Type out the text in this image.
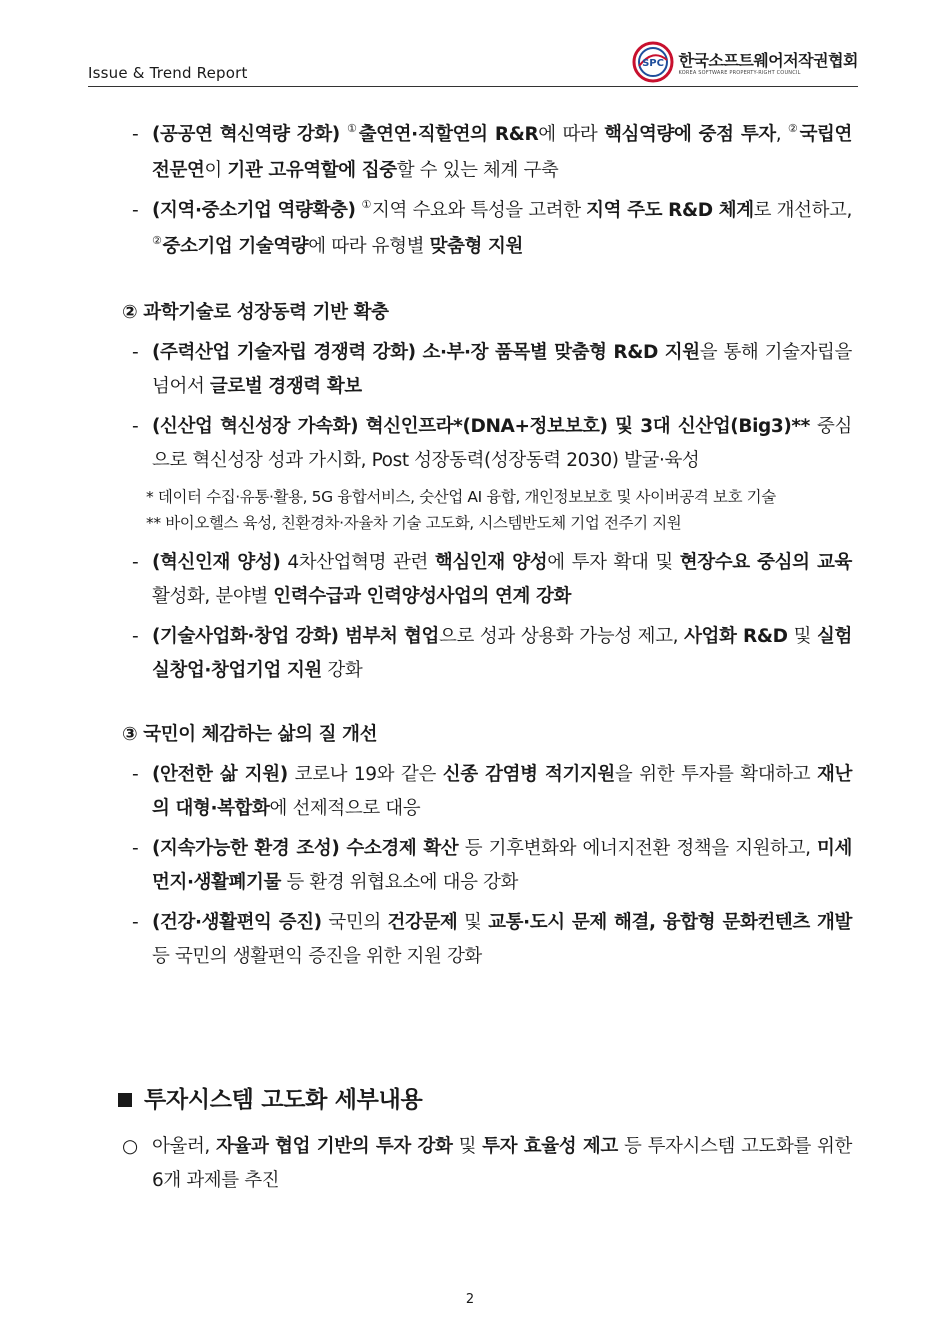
Issue & Trend Report
SPC 한국소프트웨어저작권협회
KOREA SOFTWARE PROPERTY-RIGHT COUNCIL
- (공공연 혁신역량 강화) ①출연연·직할연의 R&R에 따라 핵심역량에 중점 투자, ②국립연전문연이 기관 고유역할에 집중할 수 있는 체계 구축
- (지역·중소기업 역량확충) ①지역 수요와 특성을 고려한 지역 주도 R&D 체계로 개선하고, ②중소기업 기술역량에 따라 유형별 맞춤형 지원
② 과학기술로 성장동력 기반 확충
- (주력산업 기술자립 경쟁력 강화) 소·부·장 품목별 맞춤형 R&D 지원을 통해 기술자립을 넘어서 글로벌 경쟁력 확보
- (신산업 혁신성장 가속화) 혁신인프라*(DNA+정보보호) 및 3대 신산업(Big3)** 중심으로 혁신성장 성과 가시화, Post 성장동력(성장동력 2030) 발굴·육성
* 데이터 수집·유통·활용, 5G 융합서비스, 숫산업 AI 융합, 개인정보보호 및 사이버공격 보호 기술
** 바이오헬스 육성, 친환경차·자율차 기술 고도화, 시스템반도체 기업 전주기 지원
- (혁신인재 양성) 4차산업혁명 관련 핵심인재 양성에 투자 확대 및 현장수요 중심의 교육 활성화, 분야별 인력수급과 인력양성사업의 연계 강화
- (기술사업화·창업 강화) 범부처 협업으로 성과 상용화 가능성 제고, 사업화 R&D 및 실험실창업·창업기업 지원 강화
③ 국민이 체감하는 삶의 질 개선
- (안전한 삶 지원) 코로나 19와 같은 신종 감염병 적기지원을 위한 투자를 확대하고 재난의 대형·복합화에 선제적으로 대응
- (지속가능한 환경 조성) 수소경제 확산 등 기후변화와 에너지전환 정책을 지원하고, 미세먼지·생활폐기물 등 환경 위협요소에 대응 강화
- (건강·생활편익 증진) 국민의 건강문제 및 교통·도시 문제 해결, 융합형 문화컨텐츠 개발 등 국민의 생활편익 증진을 위한 지원 강화
투자시스템 고도화 세부내용
○ 아울러, 자율과 협업 기반의 투자 강화 및 투자 효율성 제고 등 투자시스템 고도화를 위한 6개 과제를 추진
2
